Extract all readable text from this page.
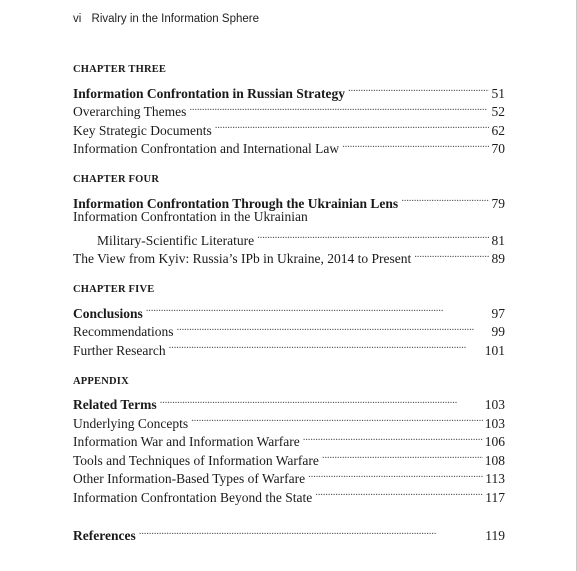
vi Rivalry in the Information Sphere
CHAPTER THREE
Information Confrontation in Russian Strategy . . .	51
Overarching Themes . . .	52
Key Strategic Documents . . .	62
Information Confrontation and International Law . . .	70
CHAPTER FOUR
Information Confrontation Through the Ukrainian Lens . . .	79
Information Confrontation in the Ukrainian
Military-Scientific Literature . . .	81
The View from Kyiv: Russia’s IPb in Ukraine, 2014 to Present . . .	89
CHAPTER FIVE
Conclusions . . .	97
Recommendations . . .	99
Further Research . . .	101
APPENDIX
Related Terms . . .	103
Underlying Concepts . . .	103
Information War and Information Warfare . . .	106
Tools and Techniques of Information Warfare . . .	108
Other Information-Based Types of Warfare . . .	113
Information Confrontation Beyond the State . . .	117
References . . .	119
